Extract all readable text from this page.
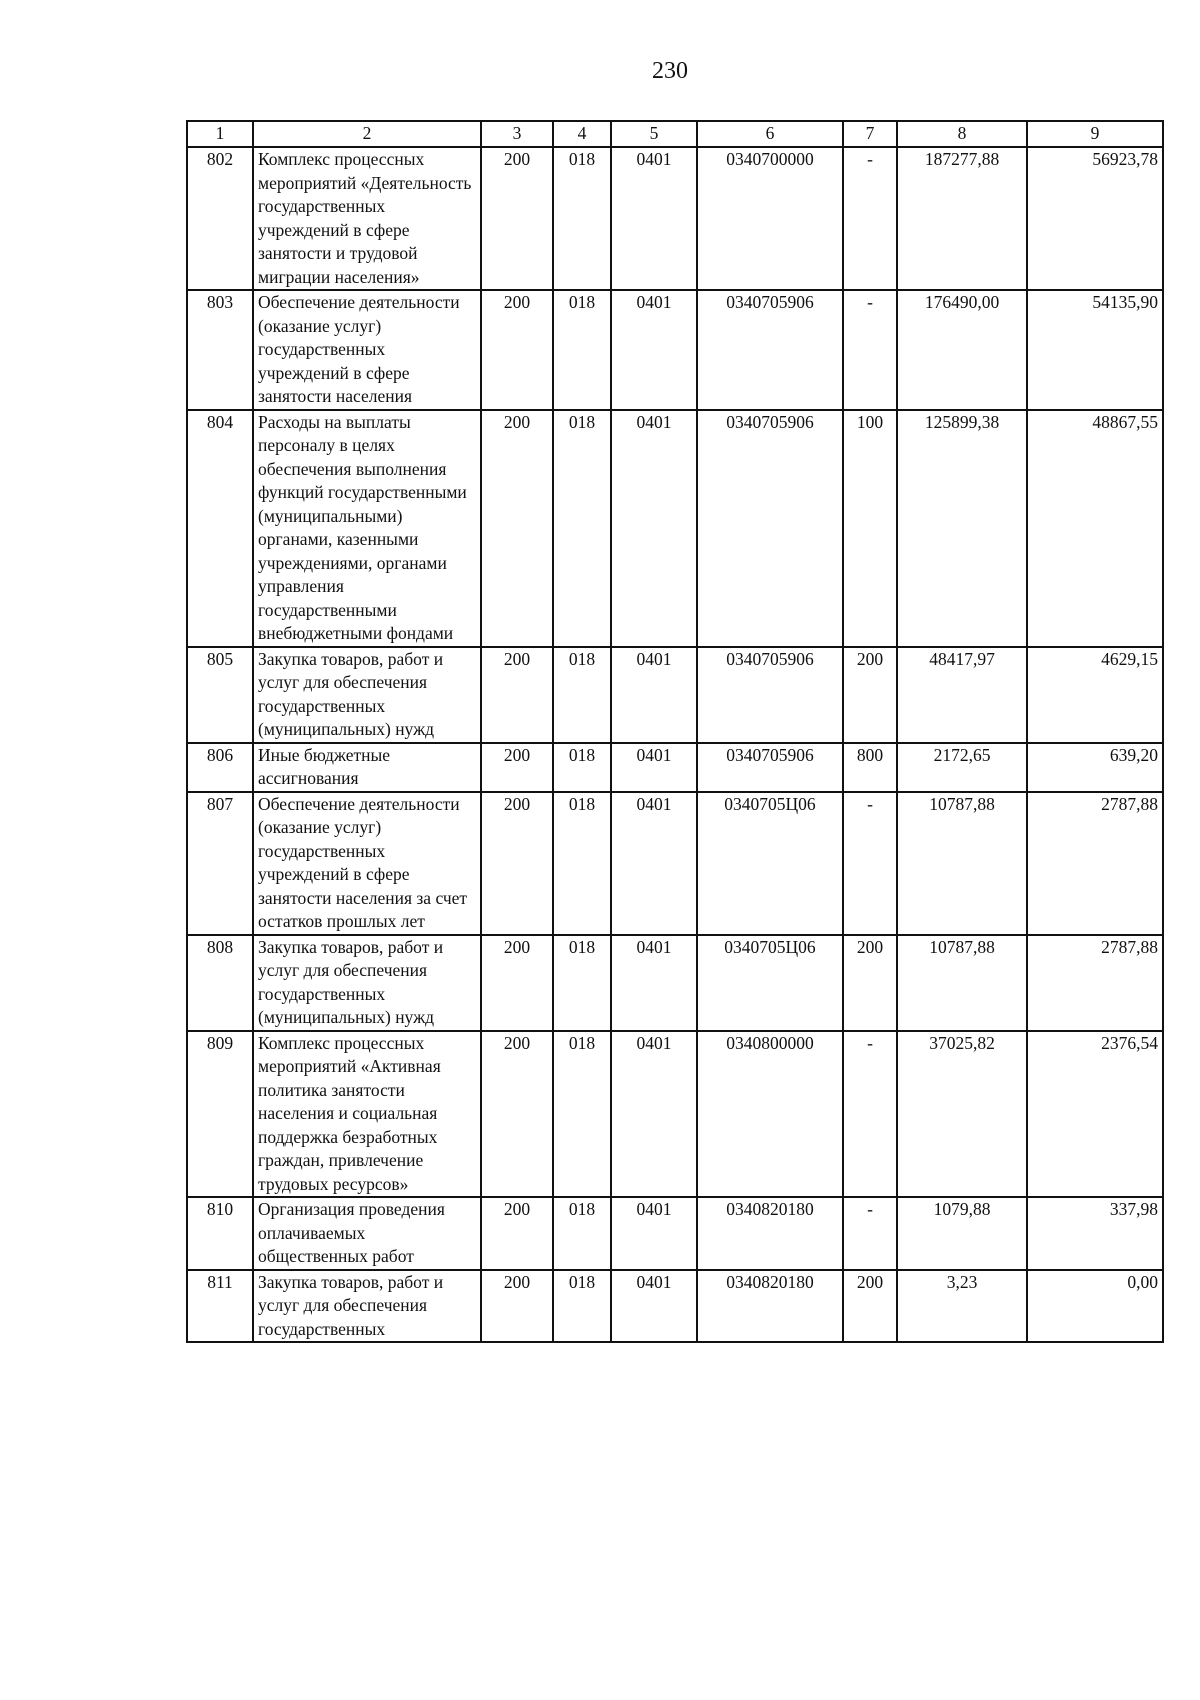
230
1	2	3	4	5	6	7	8	9
802	Комплекс процессных мероприятий «Деятельность государственных учреждений в сфере занятости и трудовой миграции населения»	200	018	0401	0340700000	-	187277,88	56923,78
803	Обеспечение деятельности (оказание услуг) государственных учреждений в сфере занятости населения	200	018	0401	0340705906	-	176490,00	54135,90
804	Расходы на выплаты персоналу в целях обеспечения выполнения функций государственными (муниципальными) органами, казенными учреждениями, органами управления государственными внебюджетными фондами	200	018	0401	0340705906	100	125899,38	48867,55
805	Закупка товаров, работ и услуг для обеспечения государственных (муниципальных) нужд	200	018	0401	0340705906	200	48417,97	4629,15
806	Иные бюджетные ассигнования	200	018	0401	0340705906	800	2172,65	639,20
807	Обеспечение деятельности (оказание услуг) государственных учреждений в сфере занятости населения за счет остатков прошлых лет	200	018	0401	0340705Ц06	-	10787,88	2787,88
808	Закупка товаров, работ и услуг для обеспечения государственных (муниципальных) нужд	200	018	0401	0340705Ц06	200	10787,88	2787,88
809	Комплекс процессных мероприятий «Активная политика занятости населения и социальная поддержка безработных граждан, привлечение трудовых ресурсов»	200	018	0401	0340800000	-	37025,82	2376,54
810	Организация проведения оплачиваемых общественных работ	200	018	0401	0340820180	-	1079,88	337,98
811	Закупка товаров, работ и услуг для обеспечения государственных	200	018	0401	0340820180	200	3,23	0,00
